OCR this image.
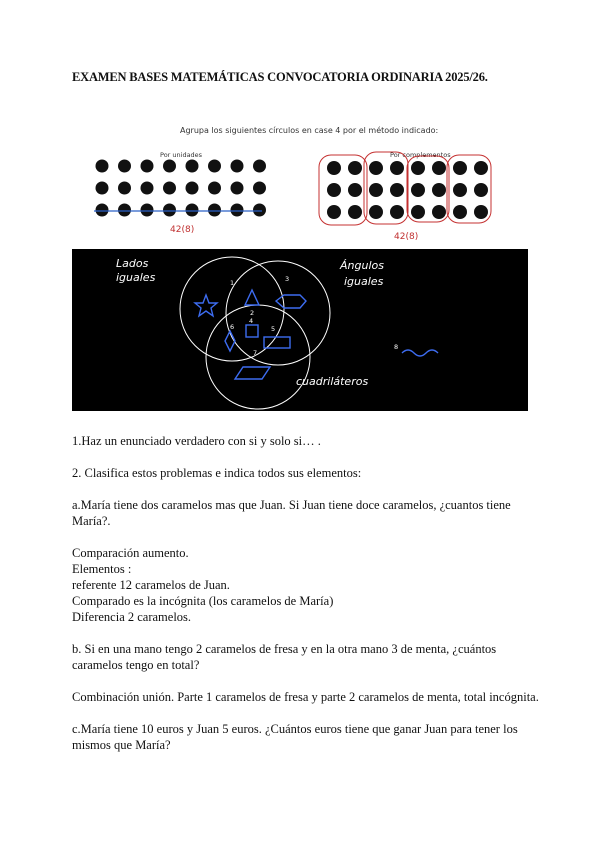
EXAMEN BASES MATEMÁTICAS CONVOCATORIA ORDINARIA 2025/26.
Agrupa los siguientes círculos en case 4 por el método indicado:
Por unidades	Por complementos
42(8)
42(8)
Lados
iguales
Ángulos
iguales
cuadriláteros
1
2
3
4
5
6
7
8
1.Haz un enunciado verdadero con si y solo si… .
2. Clasifica estos problemas e indica todos sus elementos:
a.María tiene dos caramelos mas que Juan. Si Juan tiene doce caramelos, ¿cuantos tiene
María?.
Comparación aumento.
Elementos :
referente 12 caramelos de Juan.
Comparado es la incógnita (los caramelos de María)
Diferencia 2 caramelos.
b. Si en una mano tengo 2 caramelos de fresa y en la otra mano 3 de menta, ¿cuántos
caramelos tengo en total?
Combinación unión. Parte 1 caramelos de fresa y parte 2 caramelos de menta, total incógnita.
c.María tiene 10 euros y Juan 5 euros. ¿Cuántos euros tiene que ganar Juan para tener los
mismos que María?
